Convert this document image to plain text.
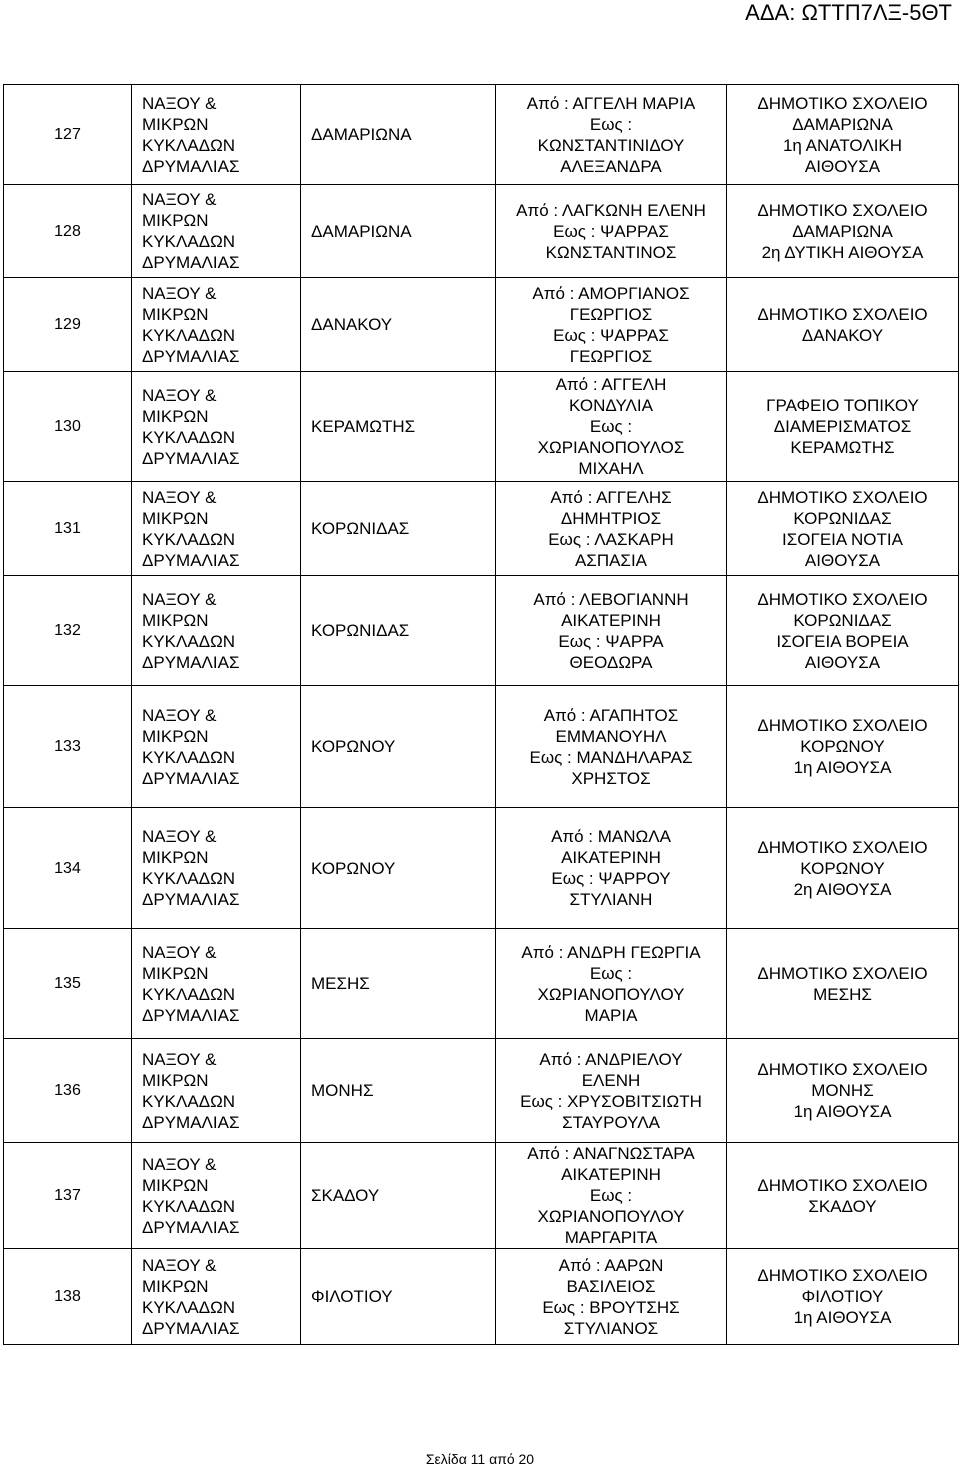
ΑΔΑ: ΩΤΤΠ7ΛΞ-5ΘΤ
127	ΝΑΞΟΥ &
ΜΙΚΡΩΝ
ΚΥΚΛΑΔΩΝ
ΔΡΥΜΑΛΙΑΣ	ΔΑΜΑΡΙΩΝΑ	Από : ΑΓΓΕΛΗ ΜΑΡΙΑ
Εως :
ΚΩΝΣΤΑΝΤΙΝΙΔΟΥ
ΑΛΕΞΑΝΔΡΑ	ΔΗΜΟΤΙΚΟ ΣΧΟΛΕΙΟ
ΔΑΜΑΡΙΩΝΑ
1η ΑΝΑΤΟΛΙΚΗ
ΑΙΘΟΥΣΑ

128	ΝΑΞΟΥ &
ΜΙΚΡΩΝ
ΚΥΚΛΑΔΩΝ
ΔΡΥΜΑΛΙΑΣ	ΔΑΜΑΡΙΩΝΑ	Από : ΛΑΓΚΩΝΗ ΕΛΕΝΗ
Εως : ΨΑΡΡΑΣ
ΚΩΝΣΤΑΝΤΙΝΟΣ	ΔΗΜΟΤΙΚΟ ΣΧΟΛΕΙΟ
ΔΑΜΑΡΙΩΝΑ
2η ΔΥΤΙΚΗ ΑΙΘΟΥΣΑ

129	ΝΑΞΟΥ &
ΜΙΚΡΩΝ
ΚΥΚΛΑΔΩΝ
ΔΡΥΜΑΛΙΑΣ	ΔΑΝΑΚΟΥ	Από : ΑΜΟΡΓΙΑΝΟΣ
ΓΕΩΡΓΙΟΣ
Εως : ΨΑΡΡΑΣ
ΓΕΩΡΓΙΟΣ	ΔΗΜΟΤΙΚΟ ΣΧΟΛΕΙΟ
ΔΑΝΑΚΟΥ

130	ΝΑΞΟΥ &
ΜΙΚΡΩΝ
ΚΥΚΛΑΔΩΝ
ΔΡΥΜΑΛΙΑΣ	ΚΕΡΑΜΩΤΗΣ	Από : ΑΓΓΕΛΗ
ΚΟΝΔΥΛΙΑ
Εως :
ΧΩΡΙΑΝΟΠΟΥΛΟΣ
ΜΙΧΑΗΛ	ΓΡΑΦΕΙΟ ΤΟΠΙΚΟΥ
ΔΙΑΜΕΡΙΣΜΑΤΟΣ
ΚΕΡΑΜΩΤΗΣ

131	ΝΑΞΟΥ &
ΜΙΚΡΩΝ
ΚΥΚΛΑΔΩΝ
ΔΡΥΜΑΛΙΑΣ	ΚΟΡΩΝΙΔΑΣ	Από : ΑΓΓΕΛΗΣ
ΔΗΜΗΤΡΙΟΣ
Εως : ΛΑΣΚΑΡΗ
ΑΣΠΑΣΙΑ	ΔΗΜΟΤΙΚΟ ΣΧΟΛΕΙΟ
ΚΟΡΩΝΙΔΑΣ
ΙΣΟΓΕΙΑ ΝΟΤΙΑ
ΑΙΘΟΥΣΑ

132	ΝΑΞΟΥ &
ΜΙΚΡΩΝ
ΚΥΚΛΑΔΩΝ
ΔΡΥΜΑΛΙΑΣ	ΚΟΡΩΝΙΔΑΣ	Από : ΛΕΒΟΓΙΑΝΝΗ
ΑΙΚΑΤΕΡΙΝΗ
Εως : ΨΑΡΡΑ
ΘΕΟΔΩΡΑ	ΔΗΜΟΤΙΚΟ ΣΧΟΛΕΙΟ
ΚΟΡΩΝΙΔΑΣ
ΙΣΟΓΕΙΑ ΒΟΡΕΙΑ
ΑΙΘΟΥΣΑ

133	ΝΑΞΟΥ &
ΜΙΚΡΩΝ
ΚΥΚΛΑΔΩΝ
ΔΡΥΜΑΛΙΑΣ	ΚΟΡΩΝΟΥ	Από : ΑΓΑΠΗΤΟΣ
ΕΜΜΑΝΟΥΗΛ
Εως : ΜΑΝΔΗΛΑΡΑΣ
ΧΡΗΣΤΟΣ	ΔΗΜΟΤΙΚΟ ΣΧΟΛΕΙΟ
ΚΟΡΩΝΟΥ
1η ΑΙΘΟΥΣΑ

134	ΝΑΞΟΥ &
ΜΙΚΡΩΝ
ΚΥΚΛΑΔΩΝ
ΔΡΥΜΑΛΙΑΣ	ΚΟΡΩΝΟΥ	Από : ΜΑΝΩΛΑ
ΑΙΚΑΤΕΡΙΝΗ
Εως : ΨΑΡΡΟΥ
ΣΤΥΛΙΑΝΗ	ΔΗΜΟΤΙΚΟ ΣΧΟΛΕΙΟ
ΚΟΡΩΝΟΥ
2η ΑΙΘΟΥΣΑ

135	ΝΑΞΟΥ &
ΜΙΚΡΩΝ
ΚΥΚΛΑΔΩΝ
ΔΡΥΜΑΛΙΑΣ	ΜΕΣΗΣ	Από : ΑΝΔΡΗ ΓΕΩΡΓΙΑ
Εως :
ΧΩΡΙΑΝΟΠΟΥΛΟΥ
ΜΑΡΙΑ	ΔΗΜΟΤΙΚΟ ΣΧΟΛΕΙΟ
ΜΕΣΗΣ

136	ΝΑΞΟΥ &
ΜΙΚΡΩΝ
ΚΥΚΛΑΔΩΝ
ΔΡΥΜΑΛΙΑΣ	ΜΟΝΗΣ	Από : ΑΝΔΡΙΕΛΟΥ
ΕΛΕΝΗ
Εως : ΧΡΥΣΟΒΙΤΣΙΩΤΗ
ΣΤΑΥΡΟΥΛΑ	ΔΗΜΟΤΙΚΟ ΣΧΟΛΕΙΟ
ΜΟΝΗΣ
1η ΑΙΘΟΥΣΑ

137	ΝΑΞΟΥ &
ΜΙΚΡΩΝ
ΚΥΚΛΑΔΩΝ
ΔΡΥΜΑΛΙΑΣ	ΣΚΑΔΟΥ	Από : ΑΝΑΓΝΩΣΤΑΡΑ
ΑΙΚΑΤΕΡΙΝΗ
Εως :
ΧΩΡΙΑΝΟΠΟΥΛΟΥ
ΜΑΡΓΑΡΙΤΑ	ΔΗΜΟΤΙΚΟ ΣΧΟΛΕΙΟ
ΣΚΑΔΟΥ

138	ΝΑΞΟΥ &
ΜΙΚΡΩΝ
ΚΥΚΛΑΔΩΝ
ΔΡΥΜΑΛΙΑΣ	ΦΙΛΟΤΙΟΥ	Από : ΑΑΡΩΝ
ΒΑΣΙΛΕΙΟΣ
Εως : ΒΡΟΥΤΣΗΣ
ΣΤΥΛΙΑΝΟΣ	ΔΗΜΟΤΙΚΟ ΣΧΟΛΕΙΟ
ΦΙΛΟΤΙΟΥ
1η ΑΙΘΟΥΣΑ
Σελίδα 11 από 20
